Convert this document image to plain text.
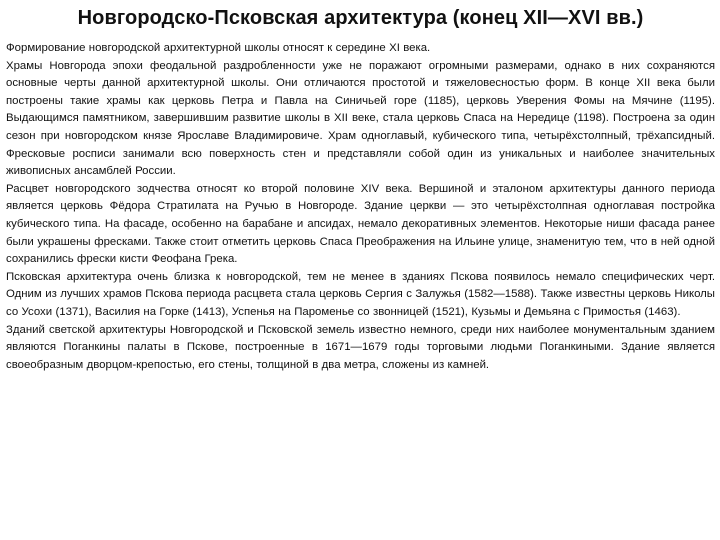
Новгородско-Псковская архитектура (конец XII—XVI вв.)

Формирование новгородской архитектурной школы относят к середине XI века.

Храмы Новгорода эпохи феодальной раздробленности уже не поражают огромными размерами, однако в них сохраняются основные черты данной архитектурной школы. Они отличаются простотой и тяжеловесностью форм. В конце XII века были построены такие храмы как церковь Петра и Павла на Синичьей горе (1185), церковь Уверения Фомы на Мячине (1195). Выдающимся памятником, завершившим развитие школы в XII веке, стала церковь Спаса на Нередице (1198). Построена за один сезон при новгородском князе Ярославе Владимировиче. Храм одноглавый, кубического типа, четырёхстолпный, трёхапсидный. Фресковые росписи занимали всю поверхность стен и представляли собой один из уникальных и наиболее значительных живописных ансамблей России.

Расцвет новгородского зодчества относят ко второй половине XIV века. Вершиной и эталоном архитектуры данного периода является церковь Фёдора Стратилата на Ручью в Новгороде. Здание церкви — это четырёхстолпная одноглавая постройка кубического типа. На фасаде, особенно на барабане и апсидах, немало декоративных элементов. Некоторые ниши фасада ранее были украшены фресками. Также стоит отметить церковь Спаса Преображения на Ильине улице, знаменитую тем, что в ней одной сохранились фрески кисти Феофана Грека.

Псковская архитектура очень близка к новгородской, тем не менее в зданиях Пскова появилось немало специфических черт. Одним из лучших храмов Пскова периода расцвета стала церковь Сергия с Залужья (1582—1588). Также известны церковь Николы со Усохи (1371), Василия на Горке (1413), Успенья на Пароменье со звонницей (1521), Кузьмы и Демьяна с Примостья (1463).

Зданий светской архитектуры Новгородской и Псковской земель известно немного, среди них наиболее монументальным зданием являются Поганкины палаты в Пскове, построенные в 1671—1679 годы торговыми людьми Поганкиными. Здание является своеобразным дворцом-крепостью, его стены, толщиной в два метра, сложены из камней.
